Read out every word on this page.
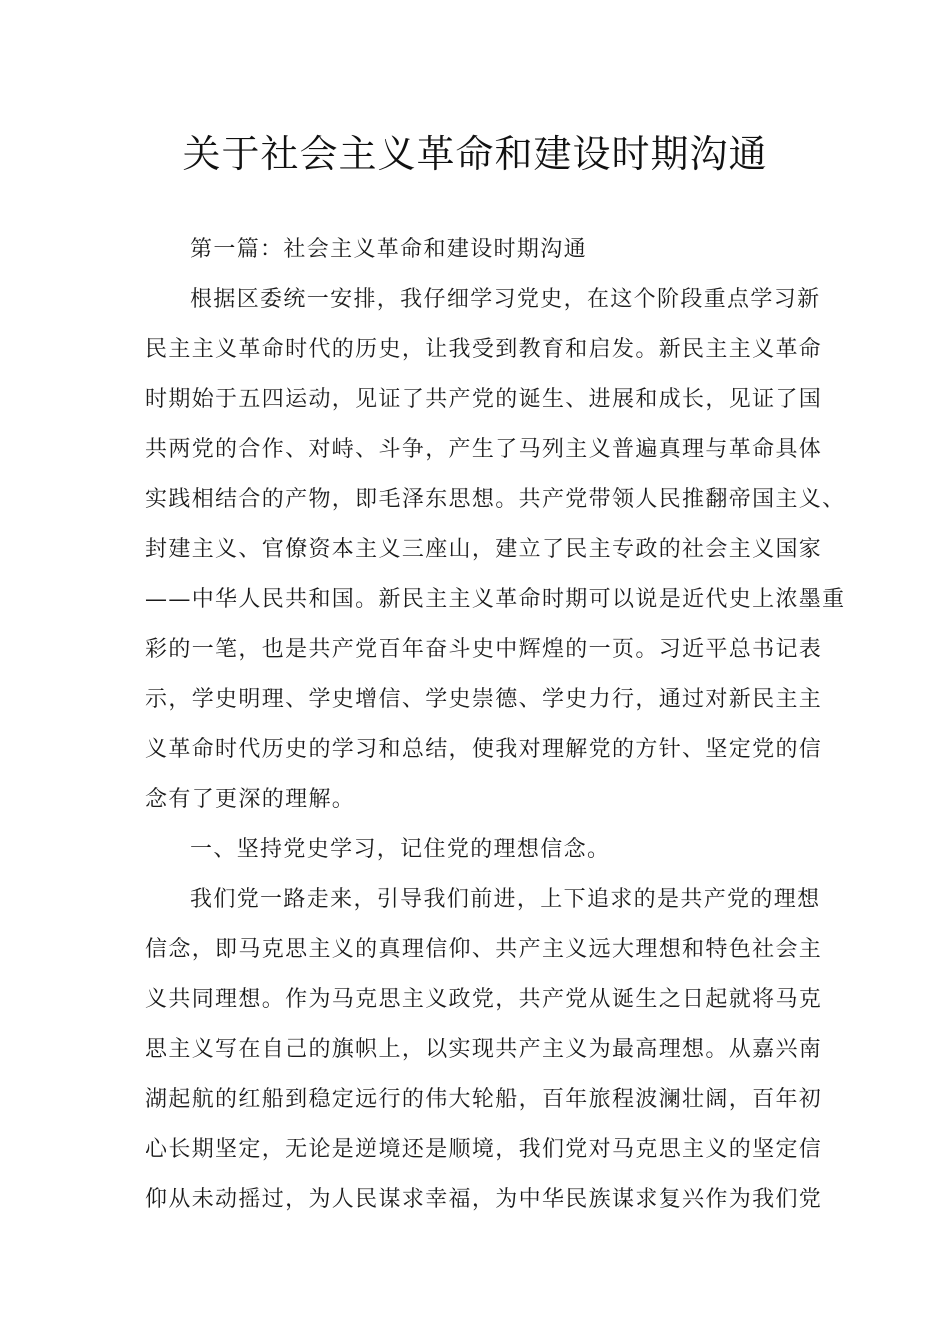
关于社会主义革命和建设时期沟通

第一篇：社会主义革命和建设时期沟通

根据区委统一安排，我仔细学习党史，在这个阶段重点学习新

民主主义革命时代的历史，让我受到教育和启发。新民主主义革命

时期始于五四运动，见证了共产党的诞生、进展和成长，见证了国

共两党的合作、对峙、斗争，产生了马列主义普遍真理与革命具体

实践相结合的产物，即毛泽东思想。共产党带领人民推翻帝国主义、

封建主义、官僚资本主义三座山，建立了民主专政的社会主义国家

——中华人民共和国。新民主主义革命时期可以说是近代史上浓墨重

彩的一笔，也是共产党百年奋斗史中辉煌的一页。习近平总书记表

示，学史明理、学史增信、学史崇德、学史力行，通过对新民主主

义革命时代历史的学习和总结，使我对理解党的方针、坚定党的信

念有了更深的理解。

一、坚持党史学习，记住党的理想信念。

我们党一路走来，引导我们前进，上下追求的是共产党的理想

信念，即马克思主义的真理信仰、共产主义远大理想和特色社会主

义共同理想。作为马克思主义政党，共产党从诞生之日起就将马克

思主义写在自己的旗帜上，以实现共产主义为最高理想。从嘉兴南

湖起航的红船到稳定远行的伟大轮船，百年旅程波澜壮阔，百年初

心长期坚定，无论是逆境还是顺境，我们党对马克思主义的坚定信

仰从未动摇过，为人民谋求幸福，为中华民族谋求复兴作为我们党
